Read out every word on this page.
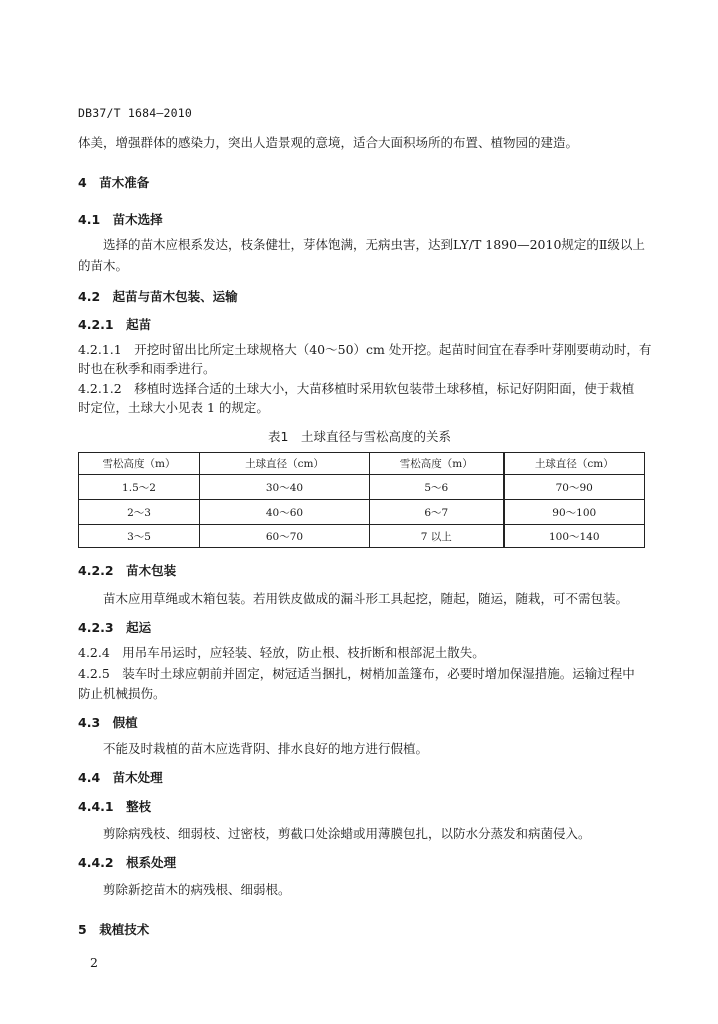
DB37/T 1684—2010
体美，增强群体的感染力，突出人造景观的意境，适合大面积场所的布置、植物园的建造。
4　苗木准备
4.1　苗木选择
选择的苗木应根系发达，枝条健壮，芽体饱满，无病虫害，达到LY/T 1890—2010规定的Ⅱ级以上
的苗木。
4.2　起苗与苗木包装、运输
4.2.1　起苗
4.2.1.1　开挖时留出比所定土球规格大（40～50）cm 处开挖。起苗时间宜在春季叶芽刚要萌动时，有
时也在秋季和雨季进行。
4.2.1.2　移植时选择合适的土球大小，大苗移植时采用软包装带土球移植，标记好阴阳面，使于栽植
时定位，土球大小见表 1 的规定。
表1　土球直径与雪松高度的关系
雪松高度（m）	土球直径（cm）	雪松高度（m）	土球直径（cm）
1.5～2	30～40	5～6	70～90
2～3	40～60	6～7	90～100
3～5	60～70	7 以上	100～140
4.2.2　苗木包装
苗木应用草绳或木箱包装。若用铁皮做成的漏斗形工具起挖，随起，随运，随栽，可不需包装。
4.2.3　起运
4.2.4　用吊车吊运时，应轻装、轻放，防止根、枝折断和根部泥土散失。
4.2.5　装车时土球应朝前并固定，树冠适当捆扎，树梢加盖篷布，必要时增加保湿措施。运输过程中
防止机械损伤。
4.3　假植
不能及时栽植的苗木应选背阴、排水良好的地方进行假植。
4.4　苗木处理
4.4.1　整枝
剪除病残枝、细弱枝、过密枝，剪截口处涂蜡或用薄膜包扎，以防水分蒸发和病菌侵入。
4.4.2　根系处理
剪除新挖苗木的病残根、细弱根。
5　栽植技术
2
